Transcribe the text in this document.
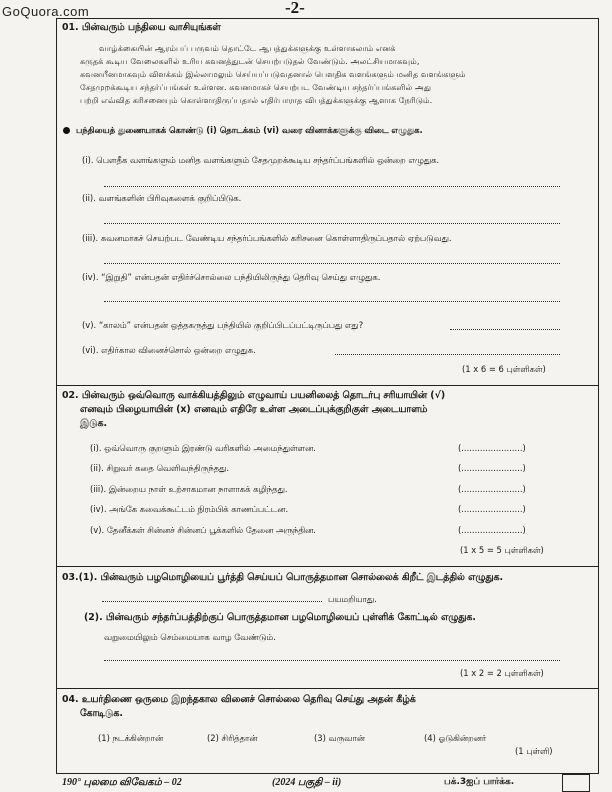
GoQuora.com	-2-
01. பின்வரும் பந்தியை வாசியுங்கள்
வாழ்க்கையின் ஆரம்பப் பருவம் தொட்டே ஆபத்துக்களுக்கு உள்ளாகலாம் எனக்
கருதக் கூடிய வேலைகளில் உரிய கவனத்துடன் செயற்படுதல் வேண்டும். அலட்சியமாகவும்,
கவனயீனமாகவும் விளக்கம் இல்லாமலும் செய்யப்படுவதனால் பௌதிக வளங்களும் மனித வளங்களும்
சேதமுறக்கூடிய சந்தர்ப்பங்கள் உள்ளன. கவனமாகச் செயற்பட வேண்டிய சந்தர்ப்பங்களில் அது
பற்றி எவ்வித கரிசனையும் கொள்ளாதிருப்பதால் எதிர்பாராத விபத்துக்களுக்கு ஆளாக நேரிடும்.
பந்தியைத் துணையாகக் கொண்டு (i) தொடக்கம் (vi) வரை வினாக்களுக்கு விடை எழுதுக.
(i). பௌதீக வளங்களும் மனித வளங்களும் சேதமுறக்கூடிய சந்தர்ப்பங்களில் ஒன்றை எழுதுக.
(ii). வளங்களின் பிரிவுகளைக் குறிப்பிடுக.
(iii). கவனமாகச் செயற்பட வேண்டிய சந்தர்ப்பங்களில் கரிசனை கொள்ளாதிருப்பதால் ஏற்படுவது.
(iv). “இறுதி” என்பதன் எதிர்ச்சொல்லை பந்தியிலிருந்து தெரிவு செய்து எழுதுக.
(v). “காலம்” என்பதன் ஒத்தகருத்து பந்தியில் குறிப்பிடப்பட்டிருப்பது எது?
(vi). எதிர்கால வினைச்சொல் ஒன்றை எழுதுக.
(1 x 6 = 6 புள்ளிகள்)
02. பின்வரும் ஒவ்வொரு வாக்கியத்திலும் எழுவாய் பயனிலைத் தொடர்பு சரியாயின் (√)
எனவும் பிழையாயின் (x) எனவும் எதிரே உள்ள அடைப்புக்குறிகுள் அடையாளம்
இடுக.
(i). ஒவ்வொரு குறளும் இரண்டு வரிகளில் அமைந்துள்ளன.	(.......................)
(ii). சிறுவர் கதை வெளிவந்திருந்தது.	(.......................)
(iii). இன்றைய நாள் உற்சாகமான நாளாகக் கழிந்தது.	(.......................)
(iv). அங்கே கவைக்கூட்டம் நிரம்பிக் காணப்பட்டன.	(.......................)
(v). தேனீக்கள் சின்னச் சின்னப் பூக்களில் தேனை அருந்தின.	(.......................)
(1 x 5 = 5 புள்ளிகள்)
03.(1). பின்வரும் பழமொழியைப் பூர்த்தி செய்யப் பொருத்தமான சொல்லைக் கிறீட் இடத்தில் எழுதுக.
பயமறியாது.
(2). பின்வரும் சந்தர்ப்பத்திற்குப் பொருத்தமான பழமொழியைப் புள்ளிக் கோட்டில் எழுதுக.
வறுமையிலும் செம்மையாக வாழ வேண்டும்.
(1 x 2 = 2 புள்ளிகள்)
04. உயர்திணை ஒருமை இறந்தகால வினைச் சொல்லை தெரிவு செய்து அதன் கீழ்க்
கோடிடுக.
(1) நடக்கின்றான்	(2) சிரித்தான்	(3) வருவான்	(4) ஓடுகின்றனர்
(1 புள்ளி)
190° புலமை விவேகம் – 02	(2024 பகுதி – ii)	பக்.3ஐப் பார்க்க.
